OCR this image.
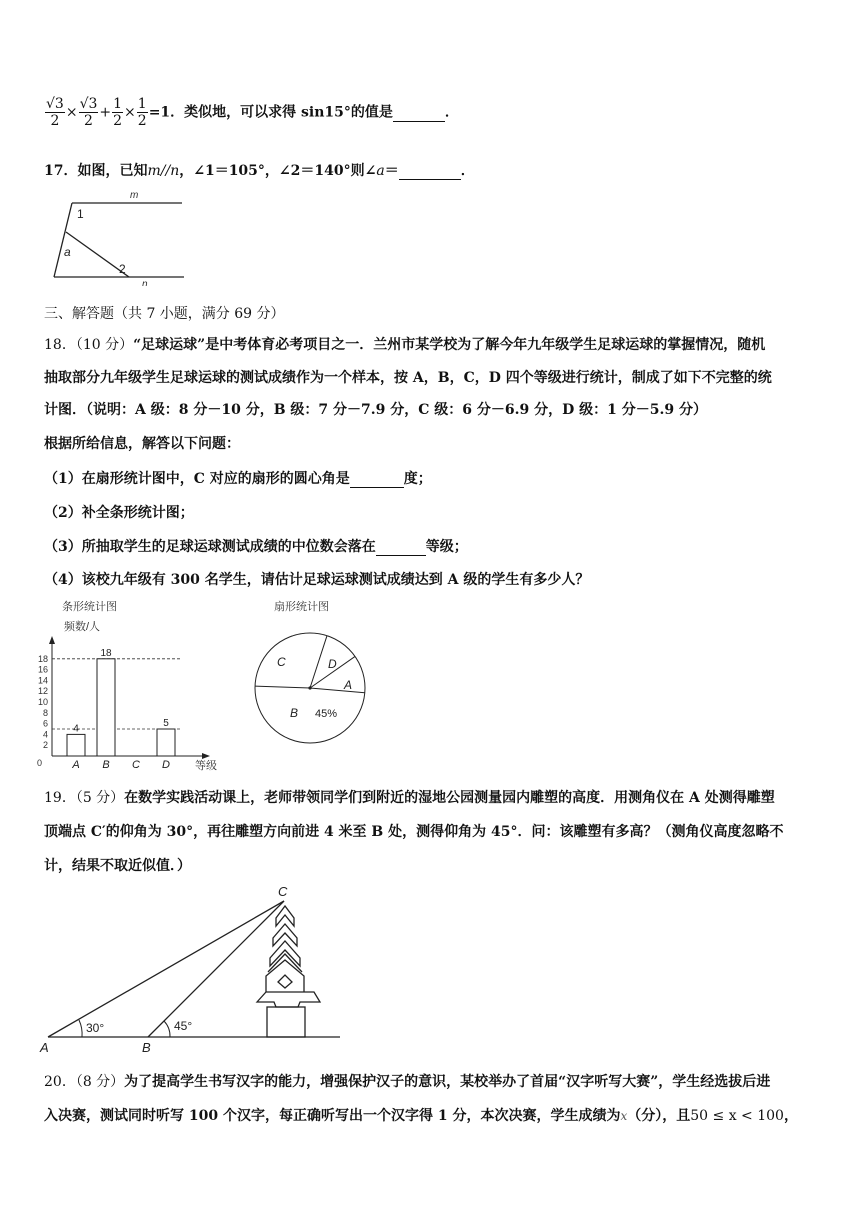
$\frac{√3}{2} \times \frac{√3}{2} + \frac{1}{2} \times \frac{1}{2} =1$．类似地，可以求得 sin15°的值是	．
17．如图，已知m//n，∠1＝105°，∠2＝140°则∠a＝	．
m
n
1
2
a
三、解答题（共 7 小题，满分 69 分）
18．（10 分）“足球运球”是中考体育必考项目之一．兰州市某学校为了解今年九年级学生足球运球的掌握情况，随机
抽取部分九年级学生足球运球的测试成绩作为一个样本，按 A，B，C，D 四个等级进行统计，制成了如下不完整的统
计图．（说明：A 级：8 分－10 分，B 级：7 分－7.9 分，C 级：6 分－6.9 分，D 级：1 分－5.9 分）
根据所给信息，解答以下问题：
（1）在扇形统计图中，C 对应的扇形的圆心角是	度；
（2）补全条形统计图；
（3）所抽取学生的足球运球测试成绩的中位数会落在	等级；
（4）该校九年级有 300 名学生，请估计足球运球测试成绩达到 A 级的学生有多少人？
条形统计图
频数/人
0
2
4
6
8
10
12
14
16
18
4
A
18
B C
5
D 等级
扇形统计图
C	D
A
B 45%
19．（5 分）在数学实践活动课上，老师带领同学们到附近的湿地公园测量园内雕塑的高度．用测角仪在 A 处测得雕塑
顶端点 C′的仰角为 30°，再往雕塑方向前进 4 米至 B 处，测得仰角为 45°．问：该雕塑有多高？（测角仪高度忽略不
计，结果不取近似值．）
C
A	B
30°	45°
20．（8 分）为了提高学生书写汉字的能力，增强保护汉子的意识，某校举办了首届“汉字听写大赛”，学生经选拔后进
入决赛，测试同时听写 100 个汉字，每正确听写出一个汉字得 1 分，本次决赛，学生成绩为x（分），且50 ≤ x < 100，
